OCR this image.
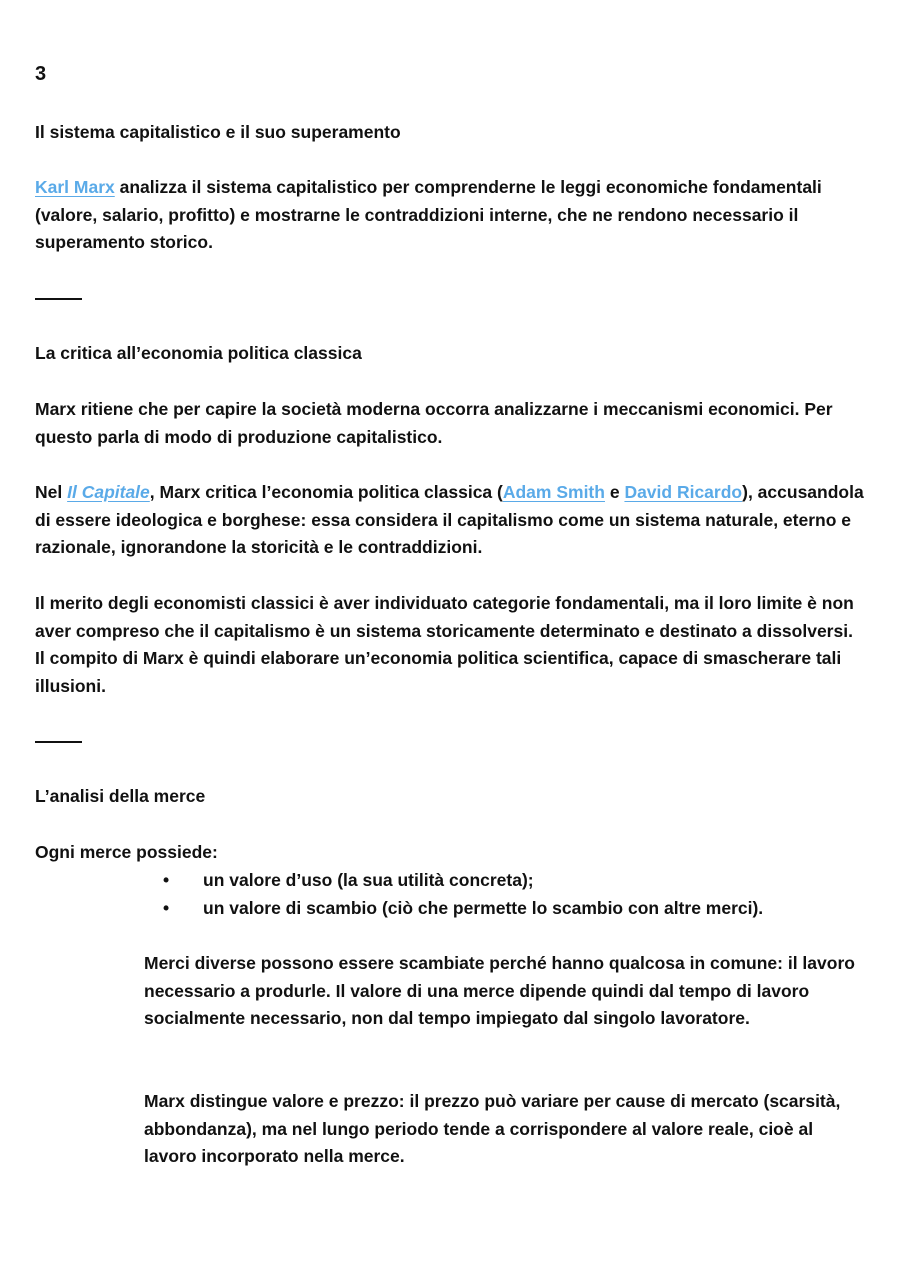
3

Il sistema capitalistico e il suo superamento

Karl Marx analizza il sistema capitalistico per comprenderne le leggi economiche fondamentali (valore, salario, profitto) e mostrarne le contraddizioni interne, che ne rendono necessario il superamento storico.

La critica all’economia politica classica

Marx ritiene che per capire la società moderna occorra analizzarne i meccanismi economici. Per questo parla di modo di produzione capitalistico.

Nel Il Capitale, Marx critica l’economia politica classica (Adam Smith e David Ricardo), accusandola di essere ideologica e borghese: essa considera il capitalismo come un sistema naturale, eterno e razionale, ignorandone la storicità e le contraddizioni.

Il merito degli economisti classici è aver individuato categorie fondamentali, ma il loro limite è non aver compreso che il capitalismo è un sistema storicamente determinato e destinato a dissolversi. Il compito di Marx è quindi elaborare un’economia politica scientifica, capace di smascherare tali illusioni.

L’analisi della merce

Ogni merce possiede:

• un valore d’uso (la sua utilità concreta);
• un valore di scambio (ciò che permette lo scambio con altre merci).

Merci diverse possono essere scambiate perché hanno qualcosa in comune: il lavoro necessario a produrle. Il valore di una merce dipende quindi dal tempo di lavoro socialmente necessario, non dal tempo impiegato dal singolo lavoratore.

Marx distingue valore e prezzo: il prezzo può variare per cause di mercato (scarsità, abbondanza), ma nel lungo periodo tende a corrispondere al valore reale, cioè al lavoro incorporato nella merce.
